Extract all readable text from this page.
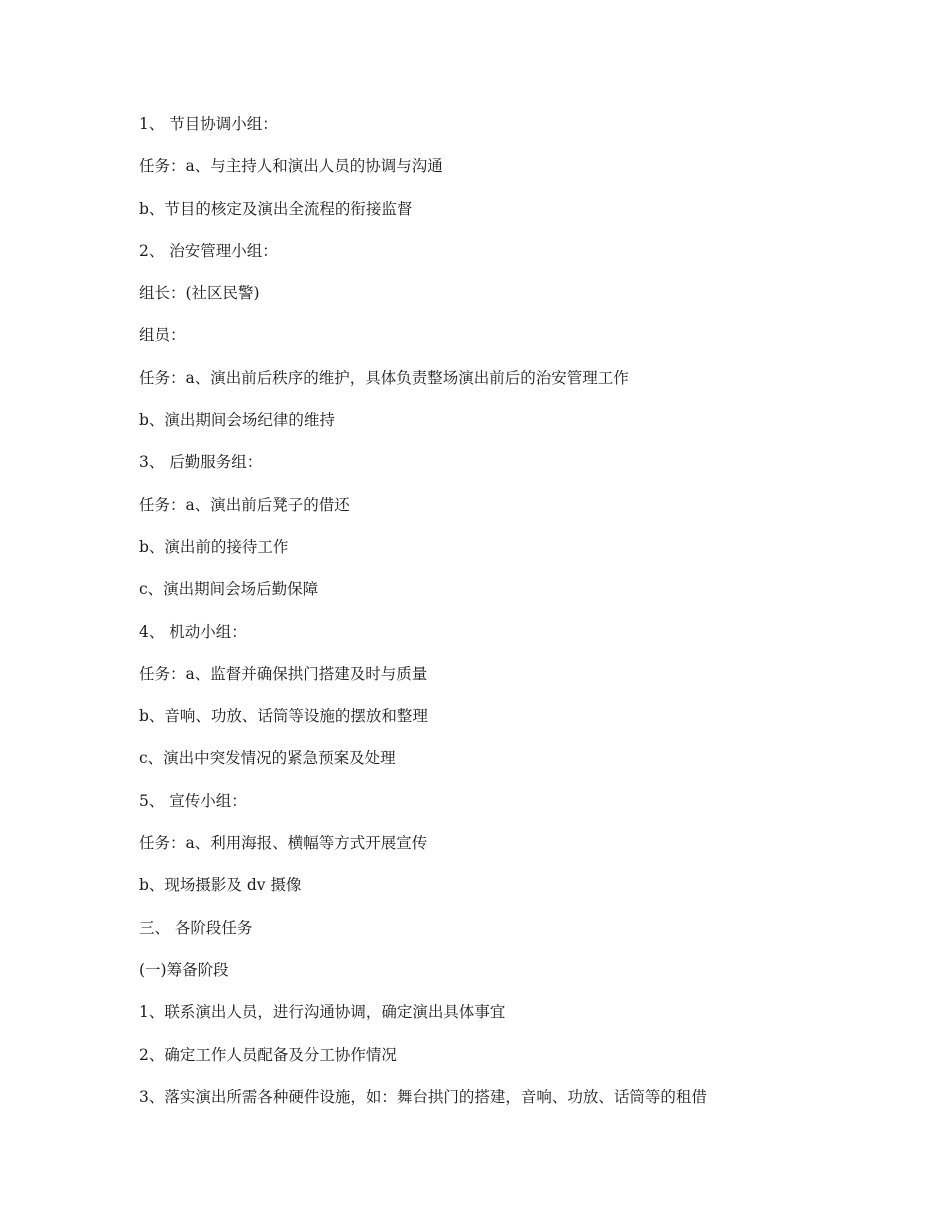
1、 节目协调小组：
任务：a、与主持人和演出人员的协调与沟通
b、节目的核定及演出全流程的衔接监督
2、 治安管理小组：
组长：(社区民警)
组员：
任务：a、演出前后秩序的维护，具体负责整场演出前后的治安管理工作
b、演出期间会场纪律的维持
3、 后勤服务组：
任务：a、演出前后凳子的借还
b、演出前的接待工作
c、演出期间会场后勤保障
4、 机动小组：
任务：a、监督并确保拱门搭建及时与质量
b、音响、功放、话筒等设施的摆放和整理
c、演出中突发情况的紧急预案及处理
5、 宣传小组：
任务：a、利用海报、横幅等方式开展宣传
b、现场摄影及 dv 摄像
三、 各阶段任务
(一)筹备阶段
1、联系演出人员，进行沟通协调，确定演出具体事宜
2、确定工作人员配备及分工协作情况
3、落实演出所需各种硬件设施，如：舞台拱门的搭建，音响、功放、话筒等的租借
